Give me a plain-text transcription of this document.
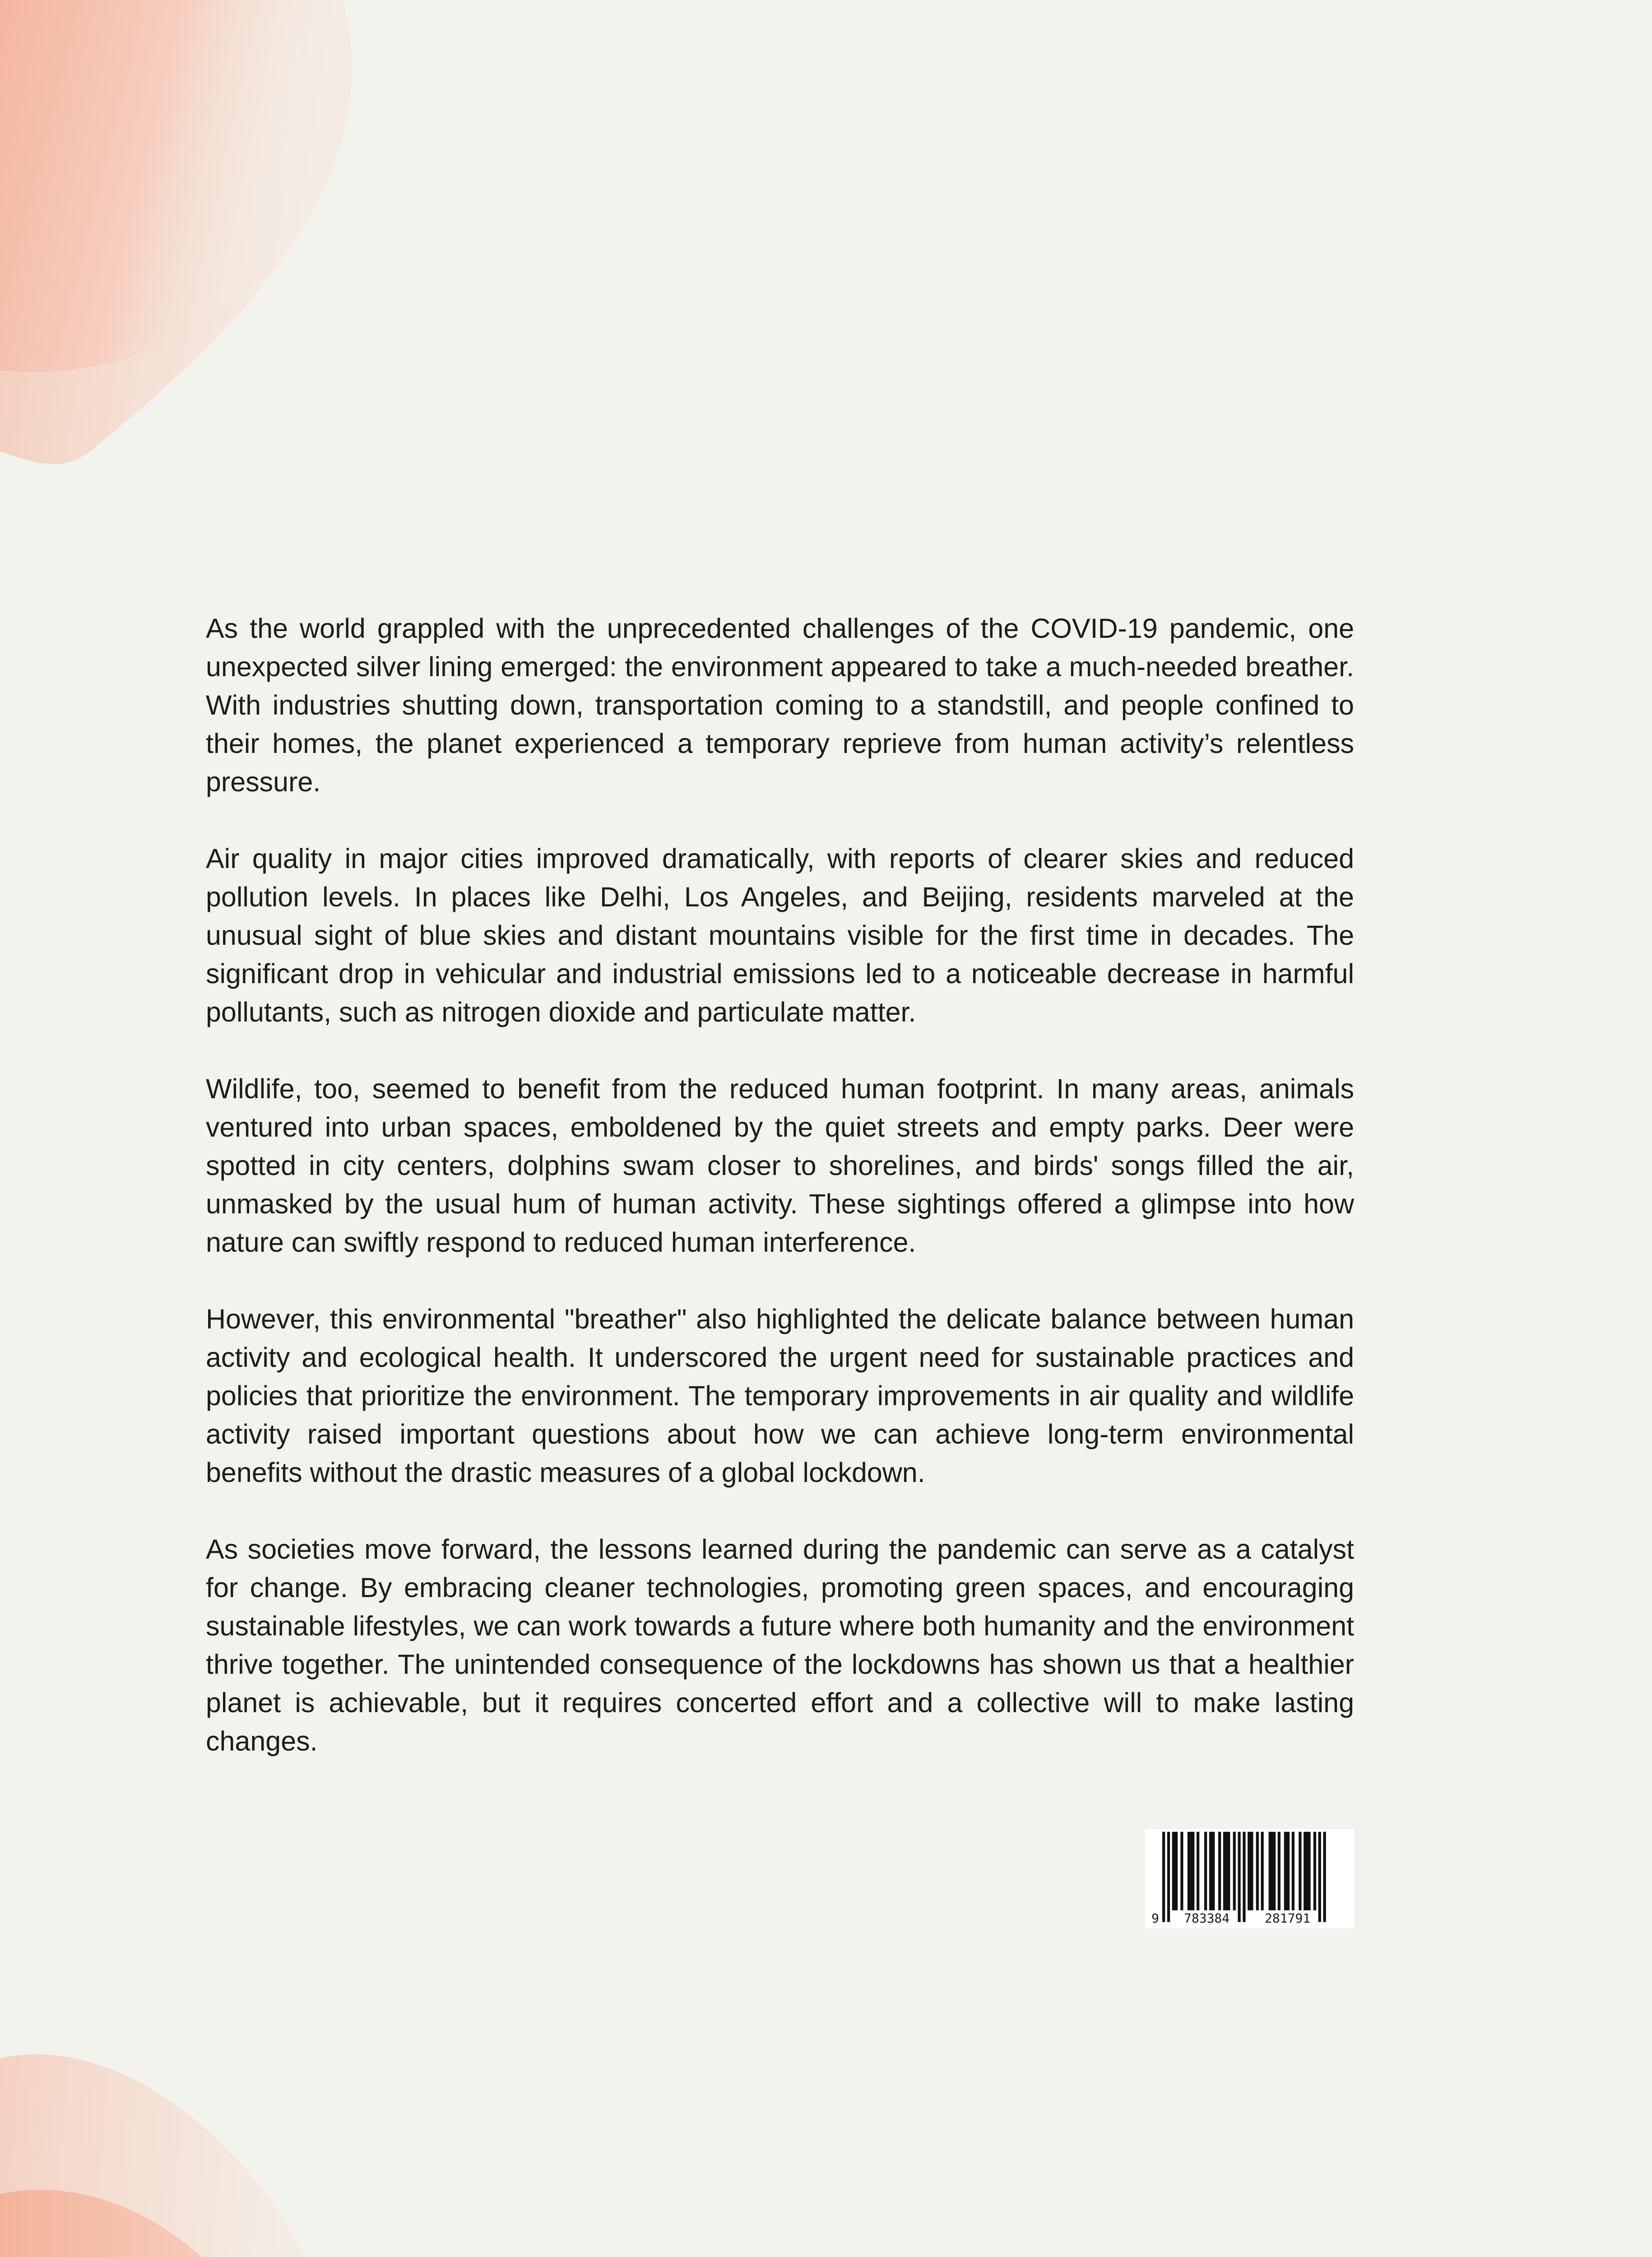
As the world grappled with the unprecedented challenges of the COVID-19 pandemic, one unexpected silver lining emerged: the environment appeared to take a much-needed breather. With industries shutting down, transportation coming to a standstill, and people confined to their homes, the planet experienced a temporary reprieve from human activity’s relentless pressure.

Air quality in major cities improved dramatically, with reports of clearer skies and reduced pollution levels. In places like Delhi, Los Angeles, and Beijing, residents marveled at the unusual sight of blue skies and distant mountains visible for the first time in decades. The significant drop in vehicular and industrial emissions led to a noticeable decrease in harmful pollutants, such as nitrogen dioxide and particulate matter.

Wildlife, too, seemed to benefit from the reduced human footprint. In many areas, animals ventured into urban spaces, emboldened by the quiet streets and empty parks. Deer were spotted in city centers, dolphins swam closer to shorelines, and birds' songs filled the air, unmasked by the usual hum of human activity. These sightings offered a glimpse into how nature can swiftly respond to reduced human interference.

However, this environmental "breather" also highlighted the delicate balance between human activity and ecological health. It underscored the urgent need for sustainable practices and policies that prioritize the environment. The temporary improvements in air quality and wildlife activity raised important questions about how we can achieve long-term environmental benefits without the drastic measures of a global lockdown.

As societies move forward, the lessons learned during the pandemic can serve as a catalyst for change. By embracing cleaner technologies, promoting green spaces, and encouraging sustainable lifestyles, we can work towards a future where both humanity and the environment thrive together. The unintended consequence of the lockdowns has shown us that a healthier planet is achievable, but it requires concerted effort and a collective will to make lasting changes.

9 783384	281791
